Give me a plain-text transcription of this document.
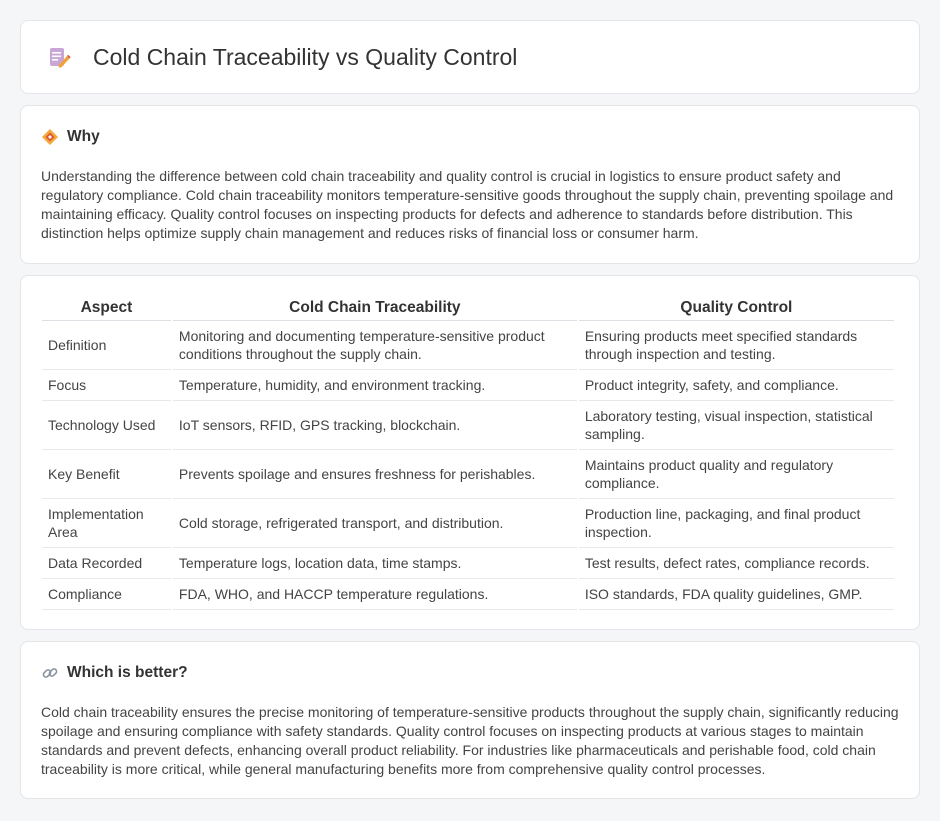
Cold Chain Traceability vs Quality Control
Why

Understanding the difference between cold chain traceability and quality control is crucial in logistics to ensure product safety and regulatory compliance. Cold chain traceability monitors temperature-sensitive goods throughout the supply chain, preventing spoilage and maintaining efficacy. Quality control focuses on inspecting products for defects and adherence to standards before distribution. This distinction helps optimize supply chain management and reduces risks of financial loss or consumer harm.

Aspect	Cold Chain Traceability	Quality Control
Definition	Monitoring and documenting temperature-sensitive product conditions throughout the supply chain.	Ensuring products meet specified standards through inspection and testing.
Focus	Temperature, humidity, and environment tracking.	Product integrity, safety, and compliance.
Technology Used	IoT sensors, RFID, GPS tracking, blockchain.	Laboratory testing, visual inspection, statistical sampling.
Key Benefit	Prevents spoilage and ensures freshness for perishables.	Maintains product quality and regulatory compliance.
Implementation Area	Cold storage, refrigerated transport, and distribution.	Production line, packaging, and final product inspection.
Data Recorded	Temperature logs, location data, time stamps.	Test results, defect rates, compliance records.
Compliance	FDA, WHO, and HACCP temperature regulations.	ISO standards, FDA quality guidelines, GMP.
Which is better?

Cold chain traceability ensures the precise monitoring of temperature-sensitive products throughout the supply chain, significantly reducing spoilage and ensuring compliance with safety standards. Quality control focuses on inspecting products at various stages to maintain standards and prevent defects, enhancing overall product reliability. For industries like pharmaceuticals and perishable food, cold chain traceability is more critical, while general manufacturing benefits more from comprehensive quality control processes.
